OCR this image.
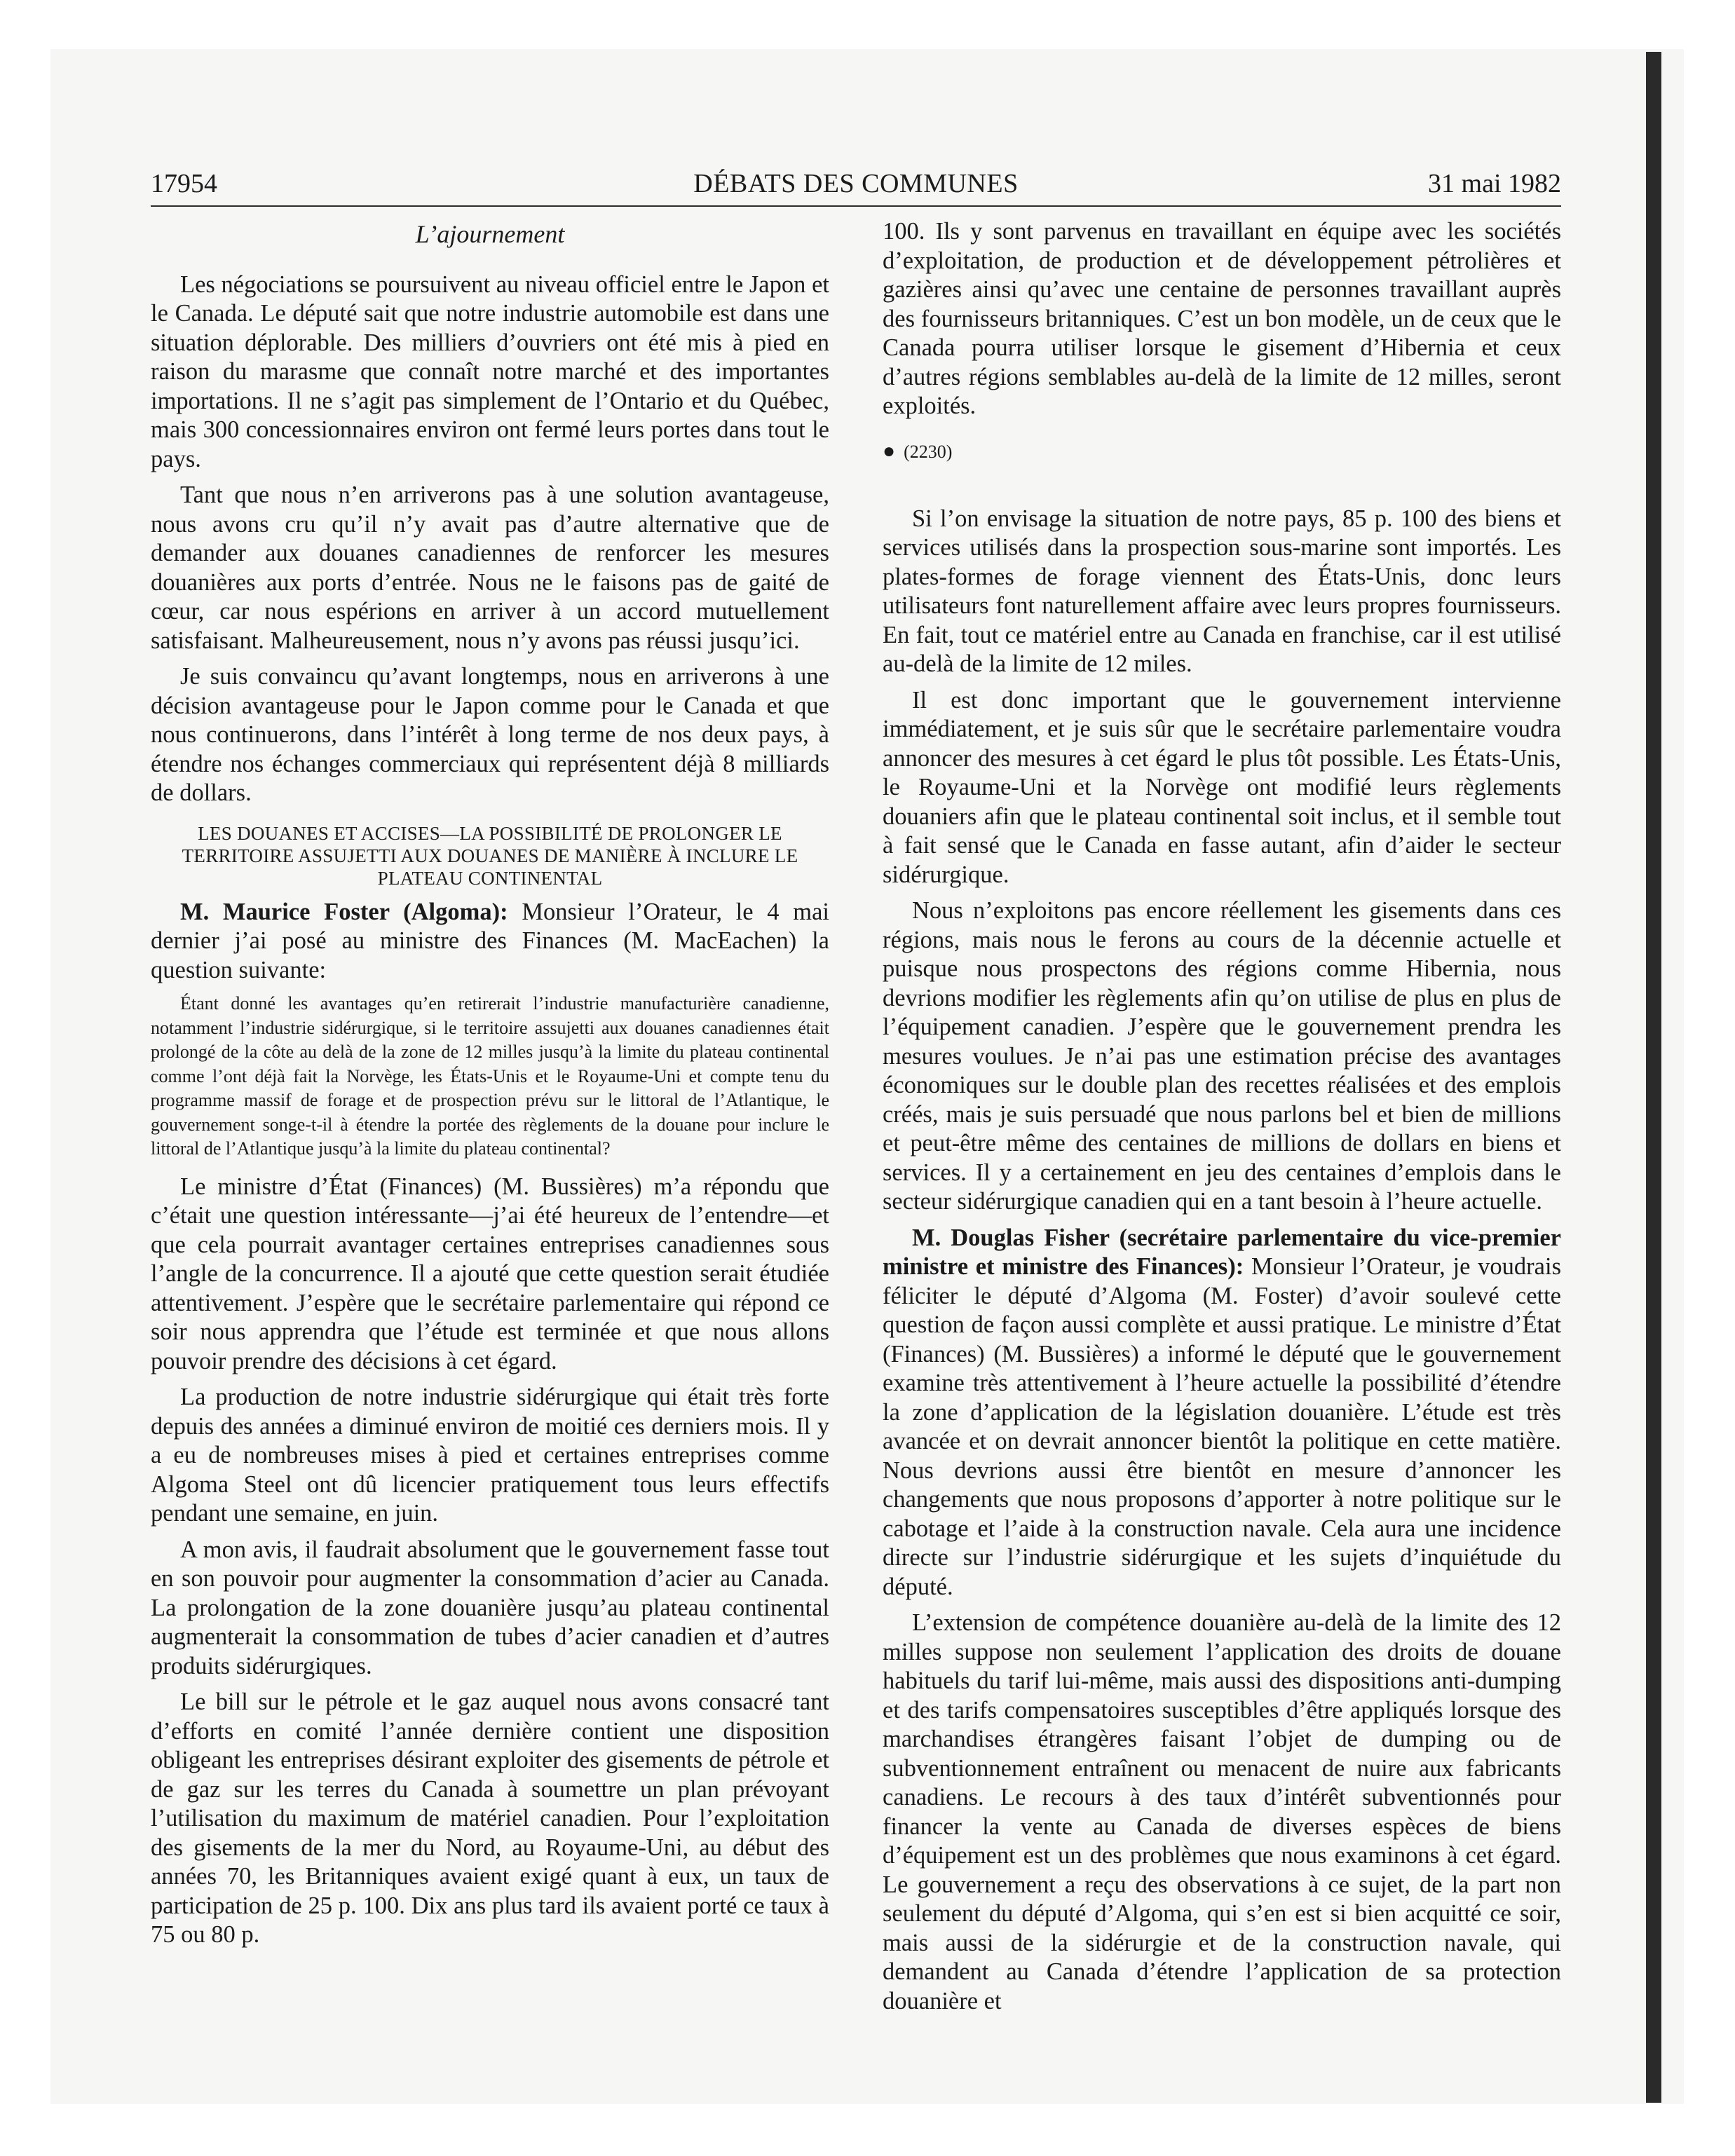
17954	DÉBATS DES COMMUNES	31 mai 1982
L’ajournement

Les négociations se poursuivent au niveau officiel entre le Japon et le Canada. Le député sait que notre industrie automobile est dans une situation déplorable. Des milliers d’ouvriers ont été mis à pied en raison du marasme que connaît notre marché et des importantes importations. Il ne s’agit pas simplement de l’Ontario et du Québec, mais 300 concessionnaires environ ont fermé leurs portes dans tout le pays.

Tant que nous n’en arriverons pas à une solution avantageuse, nous avons cru qu’il n’y avait pas d’autre alternative que de demander aux douanes canadiennes de renforcer les mesures douanières aux ports d’entrée. Nous ne le faisons pas de gaité de cœur, car nous espérions en arriver à un accord mutuellement satisfaisant. Malheureusement, nous n’y avons pas réussi jusqu’ici.

Je suis convaincu qu’avant longtemps, nous en arriverons à une décision avantageuse pour le Japon comme pour le Canada et que nous continuerons, dans l’intérêt à long terme de nos deux pays, à étendre nos échanges commerciaux qui représentent déjà 8 milliards de dollars.

LES DOUANES ET ACCISES—LA POSSIBILITÉ DE PROLONGER LE TERRITOIRE ASSUJETTI AUX DOUANES DE MANIÈRE À INCLURE LE PLATEAU CONTINENTAL

M. Maurice Foster (Algoma): Monsieur l’Orateur, le 4 mai dernier j’ai posé au ministre des Finances (M. MacEachen) la question suivante:

Étant donné les avantages qu’en retirerait l’industrie manufacturière canadienne, notamment l’industrie sidérurgique, si le territoire assujetti aux douanes canadiennes était prolongé de la côte au delà de la zone de 12 milles jusqu’à la limite du plateau continental comme l’ont déjà fait la Norvège, les États-Unis et le Royaume-Uni et compte tenu du programme massif de forage et de prospection prévu sur le littoral de l’Atlantique, le gouvernement songe-t-il à étendre la portée des règlements de la douane pour inclure le littoral de l’Atlantique jusqu’à la limite du plateau continental?

Le ministre d’État (Finances) (M. Bussières) m’a répondu que c’était une question intéressante—j’ai été heureux de l’entendre—et que cela pourrait avantager certaines entreprises canadiennes sous l’angle de la concurrence. Il a ajouté que cette question serait étudiée attentivement. J’espère que le secrétaire parlementaire qui répond ce soir nous apprendra que l’étude est terminée et que nous allons pouvoir prendre des décisions à cet égard.

La production de notre industrie sidérurgique qui était très forte depuis des années a diminué environ de moitié ces derniers mois. Il y a eu de nombreuses mises à pied et certaines entreprises comme Algoma Steel ont dû licencier pratiquement tous leurs effectifs pendant une semaine, en juin.

A mon avis, il faudrait absolument que le gouvernement fasse tout en son pouvoir pour augmenter la consommation d’acier au Canada. La prolongation de la zone douanière jusqu’au plateau continental augmenterait la consommation de tubes d’acier canadien et d’autres produits sidérurgiques.

Le bill sur le pétrole et le gaz auquel nous avons consacré tant d’efforts en comité l’année dernière contient une disposition obligeant les entreprises désirant exploiter des gisements de pétrole et de gaz sur les terres du Canada à soumettre un plan prévoyant l’utilisation du maximum de matériel canadien. Pour l’exploitation des gisements de la mer du Nord, au Royaume-Uni, au début des années 70, les Britanniques avaient exigé quant à eux, un taux de participation de 25 p. 100. Dix ans plus tard ils avaient porté ce taux à 75 ou 80 p.

100. Ils y sont parvenus en travaillant en équipe avec les sociétés d’exploitation, de production et de développement pétrolières et gazières ainsi qu’avec une centaine de personnes travaillant auprès des fournisseurs britanniques. C’est un bon modèle, un de ceux que le Canada pourra utiliser lorsque le gisement d’Hibernia et ceux d’autres régions semblables au-delà de la limite de 12 milles, seront exploités.

● (2230)

Si l’on envisage la situation de notre pays, 85 p. 100 des biens et services utilisés dans la prospection sous-marine sont importés. Les plates-formes de forage viennent des États-Unis, donc leurs utilisateurs font naturellement affaire avec leurs propres fournisseurs. En fait, tout ce matériel entre au Canada en franchise, car il est utilisé au-delà de la limite de 12 miles.

Il est donc important que le gouvernement intervienne immédiatement, et je suis sûr que le secrétaire parlementaire voudra annoncer des mesures à cet égard le plus tôt possible. Les États-Unis, le Royaume-Uni et la Norvège ont modifié leurs règlements douaniers afin que le plateau continental soit inclus, et il semble tout à fait sensé que le Canada en fasse autant, afin d’aider le secteur sidérurgique.

Nous n’exploitons pas encore réellement les gisements dans ces régions, mais nous le ferons au cours de la décennie actuelle et puisque nous prospectons des régions comme Hibernia, nous devrions modifier les règlements afin qu’on utilise de plus en plus de l’équipement canadien. J’espère que le gouvernement prendra les mesures voulues. Je n’ai pas une estimation précise des avantages économiques sur le double plan des recettes réalisées et des emplois créés, mais je suis persuadé que nous parlons bel et bien de millions et peut-être même des centaines de millions de dollars en biens et services. Il y a certainement en jeu des centaines d’emplois dans le secteur sidérurgique canadien qui en a tant besoin à l’heure actuelle.

M. Douglas Fisher (secrétaire parlementaire du vice-premier ministre et ministre des Finances): Monsieur l’Orateur, je voudrais féliciter le député d’Algoma (M. Foster) d’avoir soulevé cette question de façon aussi complète et aussi pratique. Le ministre d’État (Finances) (M. Bussières) a informé le député que le gouvernement examine très attentivement à l’heure actuelle la possibilité d’étendre la zone d’application de la législation douanière. L’étude est très avancée et on devrait annoncer bientôt la politique en cette matière. Nous devrions aussi être bientôt en mesure d’annoncer les changements que nous proposons d’apporter à notre politique sur le cabotage et l’aide à la construction navale. Cela aura une incidence directe sur l’industrie sidérurgique et les sujets d’inquiétude du député.

L’extension de compétence douanière au-delà de la limite des 12 milles suppose non seulement l’application des droits de douane habituels du tarif lui-même, mais aussi des dispositions anti-dumping et des tarifs compensatoires susceptibles d’être appliqués lorsque des marchandises étrangères faisant l’objet de dumping ou de subventionnement entraînent ou menacent de nuire aux fabricants canadiens. Le recours à des taux d’intérêt subventionnés pour financer la vente au Canada de diverses espèces de biens d’équipement est un des problèmes que nous examinons à cet égard. Le gouvernement a reçu des observations à ce sujet, de la part non seulement du député d’Algoma, qui s’en est si bien acquitté ce soir, mais aussi de la sidérurgie et de la construction navale, qui demandent au Canada d’étendre l’application de sa protection douanière et
